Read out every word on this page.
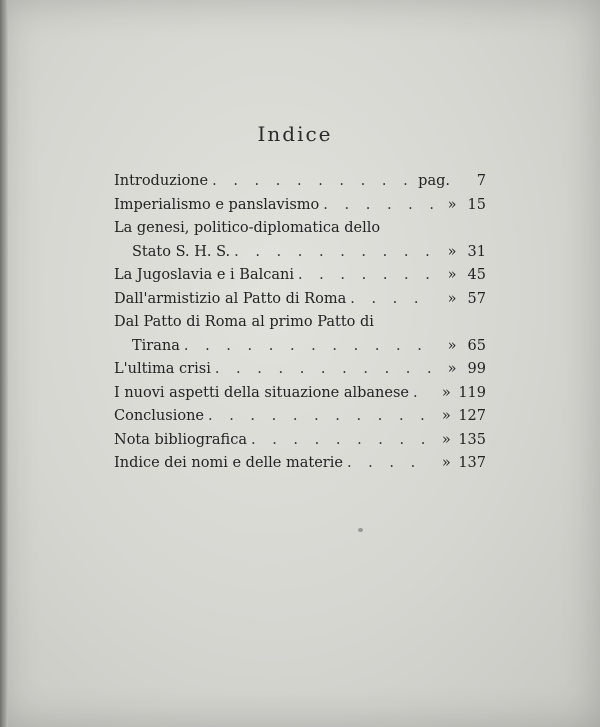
Indice
Introduzione . . .	pag.	7
Imperialismo e panslavismo . . .	» 15
La genesi, politico-diplomatica dello
Stato S. H. S. . . .	» 31
La Jugoslavia e i Balcani . . .	» 45
Dall'armistizio al Patto di Roma . . .	» 57
Dal Patto di Roma al primo Patto di
Tirana . . .	» 65
L'ultima crisi . . .	» 99
I nuovi aspetti della situazione albanese . . .	» 119
Conclusione . . .	» 127
Nota bibliografica . . .	» 135
Indice dei nomi e delle materie . . .	» 137
